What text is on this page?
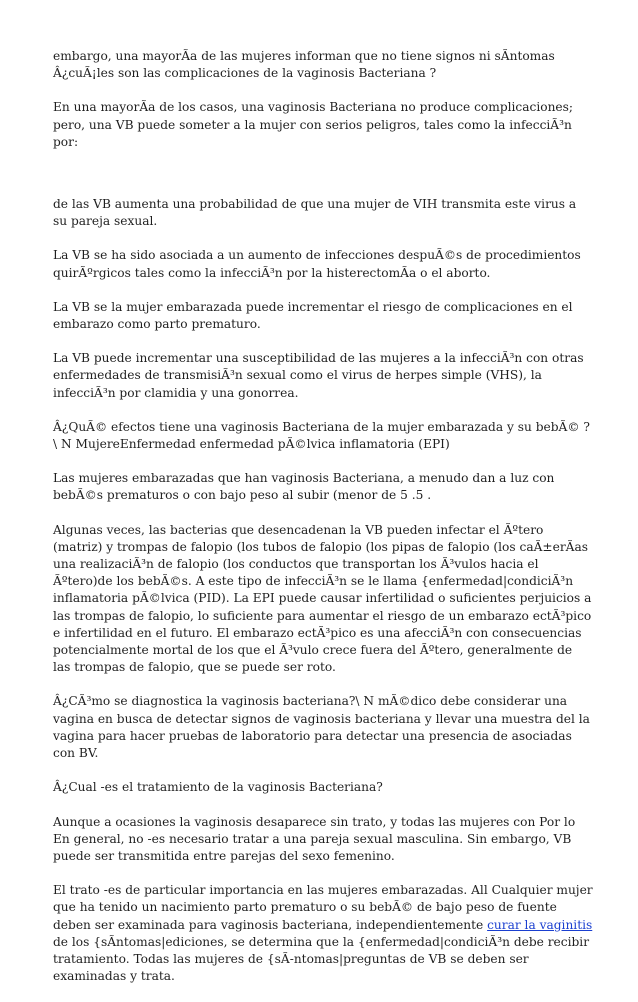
embargo, una mayorÃa de las mujeres informan que no tiene signos ni sÃntomas Â¿cuÃ¡les son las complicaciones de la vaginosis Bacteriana ?

En una mayorÃa de los casos, una vaginosis Bacteriana no produce complicaciones; pero, una VB puede someter a la mujer con serios peligros, tales como la infecciÃ³n por:

de las VB aumenta una probabilidad de que una mujer de VIH transmita este virus a su pareja sexual.

La VB se ha sido asociada a un aumento de infecciones despuÃ©s de procedimientos quirÃºrgicos tales como la infecciÃ³n por la histerectomÃa o el aborto.

La VB se la mujer embarazada puede incrementar el riesgo de complicaciones en el embarazo como parto prematuro.

La VB puede incrementar una susceptibilidad de las mujeres a la infecciÃ³n con otras enfermedades de transmisiÃ³n sexual como el virus de herpes simple (VHS), la infecciÃ³n por clamidia y una gonorrea.

Â¿QuÃ© efectos tiene una vaginosis Bacteriana de la mujer embarazada y su bebÃ© ?\ N MujereEnfermedad enfermedad pÃ©lvica inflamatoria (EPI)

Las mujeres embarazadas que han vaginosis Bacteriana, a menudo dan a luz con bebÃ©s prematuros o con bajo peso al subir (menor de 5 .5 .

Algunas veces, las bacterias que desencadenan la VB pueden infectar el Ãºtero (matriz) y trompas de falopio (los tubos de falopio (los pipas de falopio (los caÃ±erÃas una realizaciÃ³n de falopio (los conductos que transportan los Ã³vulos hacia el Ãºtero)de los bebÃ©s. A este tipo de infecciÃ³n se le llama {enfermedad|condiciÃ³n inflamatoria pÃ©lvica (PID). La EPI puede causar infertilidad o suficientes perjuicios a las trompas de falopio, lo suficiente para aumentar el riesgo de un embarazo ectÃ³pico e infertilidad en el futuro. El embarazo ectÃ³pico es una afecciÃ³n con consecuencias potencialmente mortal de los que el Ã³vulo crece fuera del Ãºtero, generalmente de las trompas de falopio, que se puede ser roto.

Â¿CÃ³mo se diagnostica la vaginosis bacteriana?\ N mÃ©dico debe considerar una vagina en busca de detectar signos de vaginosis bacteriana y llevar una muestra del la vagina para hacer pruebas de laboratorio para detectar una presencia de asociadas con BV.

Â¿Cual -es el tratamiento de la vaginosis Bacteriana?

Aunque a ocasiones la vaginosis desaparece sin trato, y todas las mujeres con Por lo En general, no -es necesario tratar a una pareja sexual masculina. Sin embargo, VB puede ser transmitida entre parejas del sexo femenino.

El trato -es de particular importancia en las mujeres embarazadas. All Cualquier mujer que ha tenido un nacimiento parto prematuro o su bebÃ© de bajo peso de fuente deben ser examinada para vaginosis bacteriana, independientemente curar la vaginitis de los {sÃntomas|ediciones, se determina que la {enfermedad|condiciÃ³n debe recibir tratamiento. Todas las mujeres de {sÃ-ntomas|preguntas de VB se deben ser examinadas y trata.
